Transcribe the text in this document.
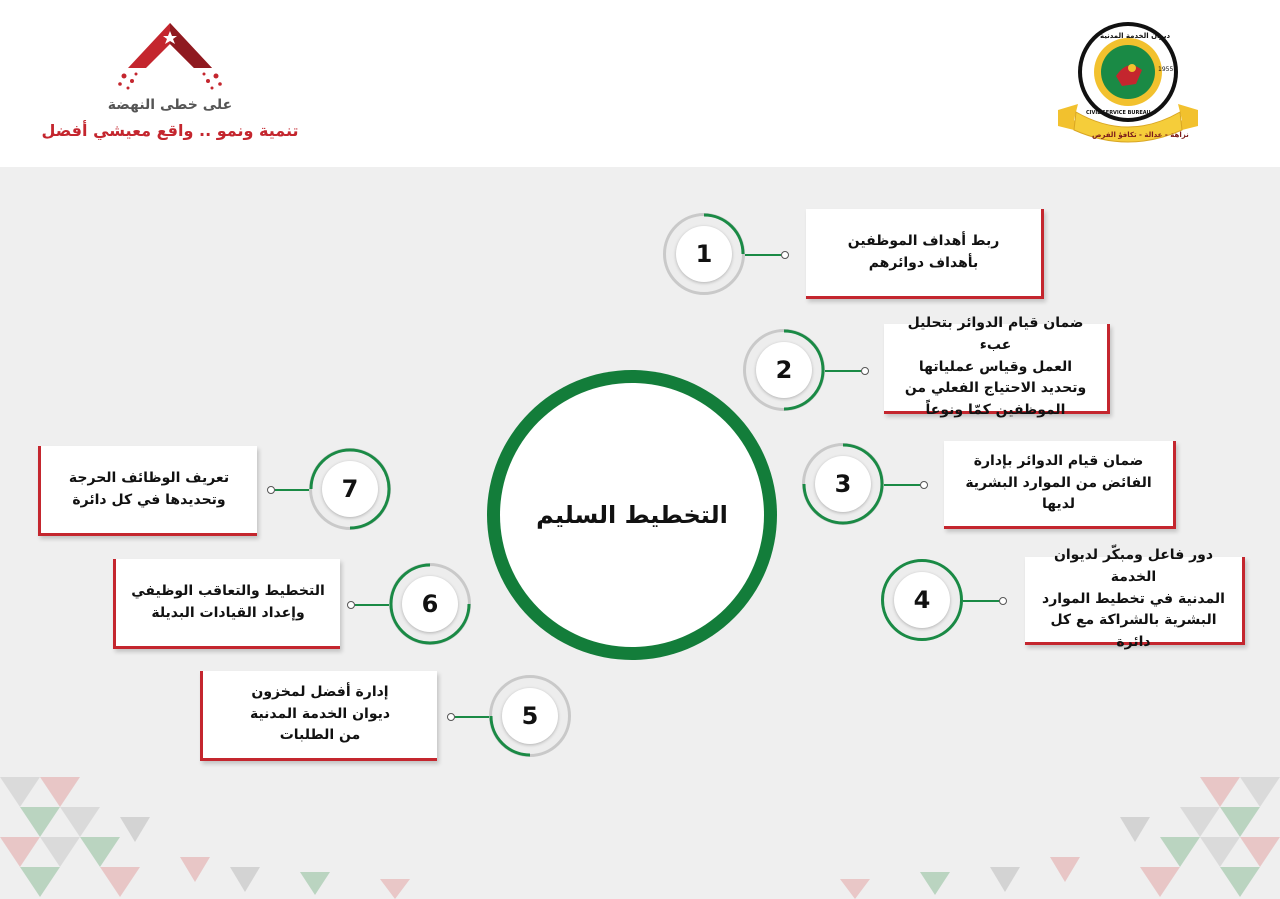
على خطى النهضة
تنمية ونمو .. واقع معيشي أفضل
ديوان الخدمة المدنية
CIVIL SERVICE BUREAU
1955
نزاهة - عدالة - تكافؤ الفرص
التخطيط السليم
1	ربط أهداف الموظفين
بأهداف دوائرهم
2
ضمان قيام الدوائر بتحليل عبء
العمل وقياس عملياتها
وتحديد الاحتياج الفعلي من
الموظفين كمّا ونوعاً
3
ضمان قيام الدوائر بإدارة
الفائض من الموارد البشرية
لديها
4
دور فاعل ومبكّر لديوان الخدمة
المدنية في تخطيط الموارد
البشرية بالشراكة مع كل دائرة
5
إدارة أفضل لمخزون
ديوان الخدمة المدنية
من الطلبات
6
التخطيط والتعاقب الوظيفي
وإعداد القيادات البديلة
7
تعريف الوظائف الحرجة
وتحديدها في كل دائرة
